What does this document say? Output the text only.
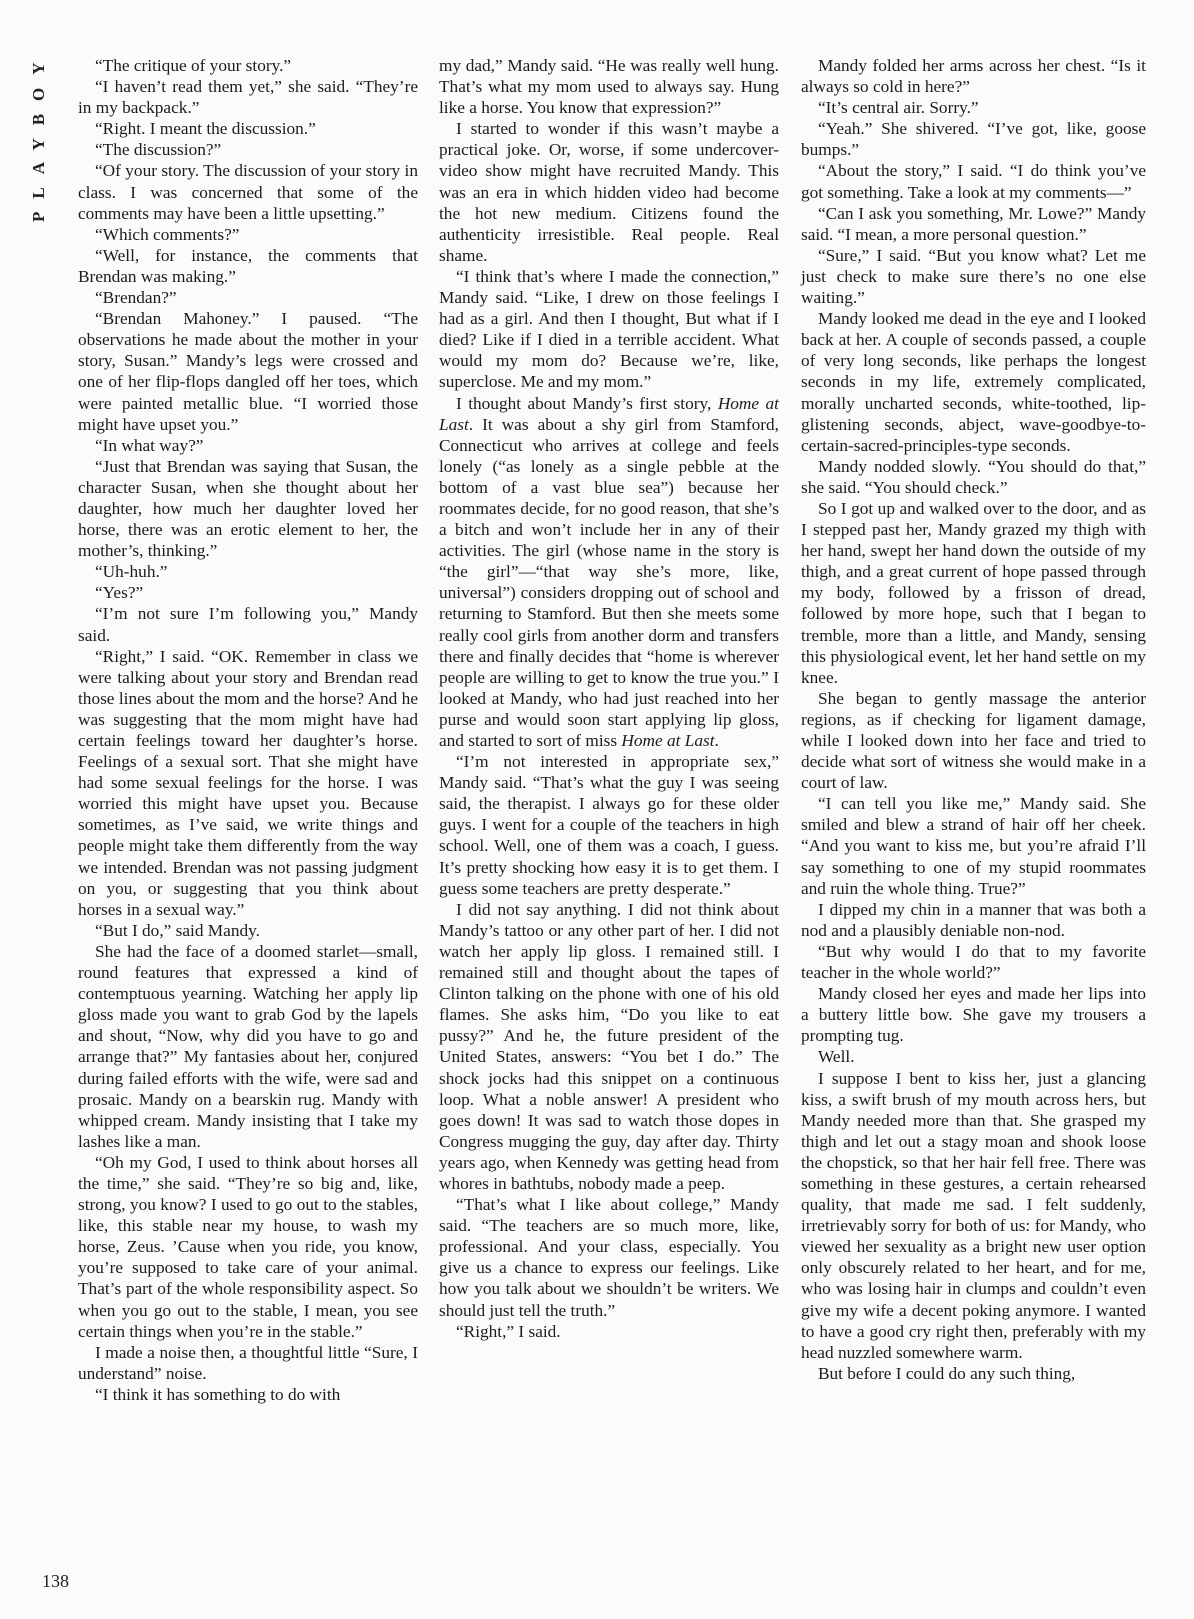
PLAYBOY	“The critique of your story.”

“I haven’t read them yet,” she said. “They’re in my backpack.”

“Right. I meant the discussion.”

“The discussion?”

“Of your story. The discussion of your story in class. I was concerned that some of the comments may have been a little upsetting.”

“Which comments?”

“Well, for instance, the comments that Brendan was making.”

“Brendan?”

“Brendan Mahoney.” I paused. “The observations he made about the mother in your story, Susan.” Mandy’s legs were crossed and one of her flip-flops dangled off her toes, which were painted metallic blue. “I worried those might have upset you.”

“In what way?”

“Just that Brendan was saying that Susan, the character Susan, when she thought about her daughter, how much her daughter loved her horse, there was an erotic element to her, the mother’s, thinking.”

“Uh-huh.”

“Yes?”

“I’m not sure I’m following you,” Mandy said.

“Right,” I said. “OK. Remember in class we were talking about your story and Brendan read those lines about the mom and the horse? And he was suggesting that the mom might have had certain feelings toward her daughter’s horse. Feelings of a sexual sort. That she might have had some sexual feelings for the horse. I was worried this might have upset you. Because sometimes, as I’ve said, we write things and people might take them differently from the way we intended. Brendan was not passing judgment on you, or suggesting that you think about horses in a sexual way.”

“But I do,” said Mandy.

She had the face of a doomed starlet—small, round features that expressed a kind of contemptuous yearning. Watching her apply lip gloss made you want to grab God by the lapels and shout, “Now, why did you have to go and arrange that?” My fantasies about her, conjured during failed efforts with the wife, were sad and prosaic. Mandy on a bearskin rug. Mandy with whipped cream. Mandy insisting that I take my lashes like a man.

“Oh my God, I used to think about horses all the time,” she said. “They’re so big and, like, strong, you know? I used to go out to the stables, like, this stable near my house, to wash my horse, Zeus. ’Cause when you ride, you know, you’re supposed to take care of your animal. That’s part of the whole responsibility aspect. So when you go out to the stable, I mean, you see certain things when you’re in the stable.”

I made a noise then, a thoughtful little “Sure, I understand” noise.

“I think it has something to do with

my dad,” Mandy said. “He was really well hung. That’s what my mom used to always say. Hung like a horse. You know that expression?”

I started to wonder if this wasn’t maybe a practical joke. Or, worse, if some undercover-video show might have recruited Mandy. This was an era in which hidden video had become the hot new medium. Citizens found the authenticity irresistible. Real people. Real shame.

“I think that’s where I made the connection,” Mandy said. “Like, I drew on those feelings I had as a girl. And then I thought, But what if I died? Like if I died in a terrible accident. What would my mom do? Because we’re, like, superclose. Me and my mom.”

I thought about Mandy’s first story, Home at Last. It was about a shy girl from Stamford, Connecticut who arrives at college and feels lonely (“as lonely as a single pebble at the bottom of a vast blue sea”) because her roommates decide, for no good reason, that she’s a bitch and won’t include her in any of their activities. The girl (whose name in the story is “the girl”—“that way she’s more, like, universal”) considers dropping out of school and returning to Stamford. But then she meets some really cool girls from another dorm and transfers there and finally decides that “home is wherever people are willing to get to know the true you.” I looked at Mandy, who had just reached into her purse and would soon start applying lip gloss, and started to sort of miss Home at Last.

“I’m not interested in appropriate sex,” Mandy said. “That’s what the guy I was seeing said, the therapist. I always go for these older guys. I went for a couple of the teachers in high school. Well, one of them was a coach, I guess. It’s pretty shocking how easy it is to get them. I guess some teachers are pretty desperate.”

I did not say anything. I did not think about Mandy’s tattoo or any other part of her. I did not watch her apply lip gloss. I remained still. I remained still and thought about the tapes of Clinton talking on the phone with one of his old flames. She asks him, “Do you like to eat pussy?” And he, the future president of the United States, answers: “You bet I do.” The shock jocks had this snippet on a continuous loop. What a noble answer! A president who goes down! It was sad to watch those dopes in Congress mugging the guy, day after day. Thirty years ago, when Kennedy was getting head from whores in bathtubs, nobody made a peep.

“That’s what I like about college,” Mandy said. “The teachers are so much more, like, professional. And your class, especially. You give us a chance to express our feelings. Like how you talk about we shouldn’t be writers. We should just tell the truth.”

“Right,” I said.

Mandy folded her arms across her chest. “Is it always so cold in here?”

“It’s central air. Sorry.”

“Yeah.” She shivered. “I’ve got, like, goose bumps.”

“About the story,” I said. “I do think you’ve got something. Take a look at my comments—”

“Can I ask you something, Mr. Lowe?” Mandy said. “I mean, a more personal question.”

“Sure,” I said. “But you know what? Let me just check to make sure there’s no one else waiting.”

Mandy looked me dead in the eye and I looked back at her. A couple of seconds passed, a couple of very long seconds, like perhaps the longest seconds in my life, extremely complicated, morally uncharted seconds, white-toothed, lip-glistening seconds, abject, wave-goodbye-to-certain-sacred-principles-type seconds.

Mandy nodded slowly. “You should do that,” she said. “You should check.”

So I got up and walked over to the door, and as I stepped past her, Mandy grazed my thigh with her hand, swept her hand down the outside of my thigh, and a great current of hope passed through my body, followed by a frisson of dread, followed by more hope, such that I began to tremble, more than a little, and Mandy, sensing this physiological event, let her hand settle on my knee.

She began to gently massage the anterior regions, as if checking for ligament damage, while I looked down into her face and tried to decide what sort of witness she would make in a court of law.

“I can tell you like me,” Mandy said. She smiled and blew a strand of hair off her cheek. “And you want to kiss me, but you’re afraid I’ll say something to one of my stupid roommates and ruin the whole thing. True?”

I dipped my chin in a manner that was both a nod and a plausibly deniable non-nod.

“But why would I do that to my favorite teacher in the whole world?”

Mandy closed her eyes and made her lips into a buttery little bow. She gave my trousers a prompting tug.

Well.

I suppose I bent to kiss her, just a glancing kiss, a swift brush of my mouth across hers, but Mandy needed more than that. She grasped my thigh and let out a stagy moan and shook loose the chopstick, so that her hair fell free. There was something in these gestures, a certain rehearsed quality, that made me sad. I felt suddenly, irretrievably sorry for both of us: for Mandy, who viewed her sexuality as a bright new user option only obscurely related to her heart, and for me, who was losing hair in clumps and couldn’t even give my wife a decent poking anymore. I wanted to have a good cry right then, preferably with my head nuzzled somewhere warm.

But before I could do any such thing,

138
